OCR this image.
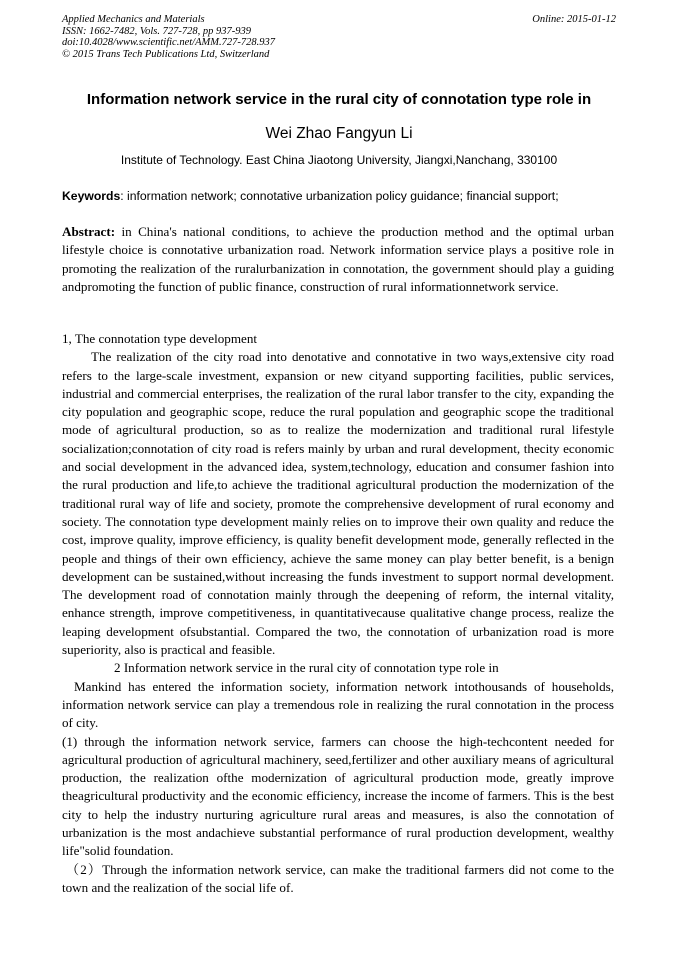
Applied Mechanics and Materials
ISSN: 1662-7482, Vols. 727-728, pp 937-939
doi:10.4028/www.scientific.net/AMM.727-728.937
© 2015 Trans Tech Publications Ltd, Switzerland
Online: 2015-01-12
Information network service in the rural city of connotation type role in
Wei Zhao Fangyun Li
Institute of Technology. East China Jiaotong University, Jiangxi,Nanchang, 330100
Keywords: information network; connotative urbanization policy guidance; financial support;

Abstract: in China's national conditions, to achieve the production method and the optimal urban lifestyle choice is connotative urbanization road. Network information service plays a positive role in promoting the realization of the ruralurbanization in connotation, the government should play a guiding andpromoting the function of public finance, construction of rural informationnetwork service.

1, The connotation type development

The realization of the city road into denotative and connotative in two ways,extensive city road refers to the large-scale investment, expansion or new cityand supporting facilities, public services, industrial and commercial enterprises, the realization of the rural labor transfer to the city, expanding the city population and geographic scope, reduce the rural population and geographic scope the traditional mode of agricultural production, so as to realize the modernization and traditional rural lifestyle socialization;connotation of city road is refers mainly by urban and rural development, thecity economic and social development in the advanced idea, system,technology, education and consumer fashion into the rural production and life,to achieve the traditional agricultural production the modernization of the traditional rural way of life and society, promote the comprehensive development of rural economy and society. The connotation type development mainly relies on to improve their own quality and reduce the cost, improve quality, improve efficiency, is quality benefit development mode, generally reflected in the people and things of their own efficiency, achieve the same money can play better benefit, is a benign development can be sustained,without increasing the funds investment to support normal development. The development road of connotation mainly through the deepening of reform, the internal vitality, enhance strength, improve competitiveness, in quantitativecause qualitative change process, realize the leaping development ofsubstantial. Compared the two, the connotation of urbanization road is more superiority, also is practical and feasible.

2 Information network service in the rural city of connotation type role in

Mankind has entered the information society, information network intothousands of households, information network service can play a tremendous role in realizing the rural connotation in the process of city.

(1) through the information network service, farmers can choose the high-techcontent needed for agricultural production of agricultural machinery, seed,fertilizer and other auxiliary means of agricultural production, the realization ofthe modernization of agricultural production mode, greatly improve theagricultural productivity and the economic efficiency, increase the income of farmers. This is the best city to help the industry nurturing agriculture rural areas and measures, is also the connotation of urbanization is the most andachieve substantial performance of rural production development, wealthy life"solid foundation.

（2）Through the information network service, can make the traditional farmers did not come to the town and the realization of the social life of.
